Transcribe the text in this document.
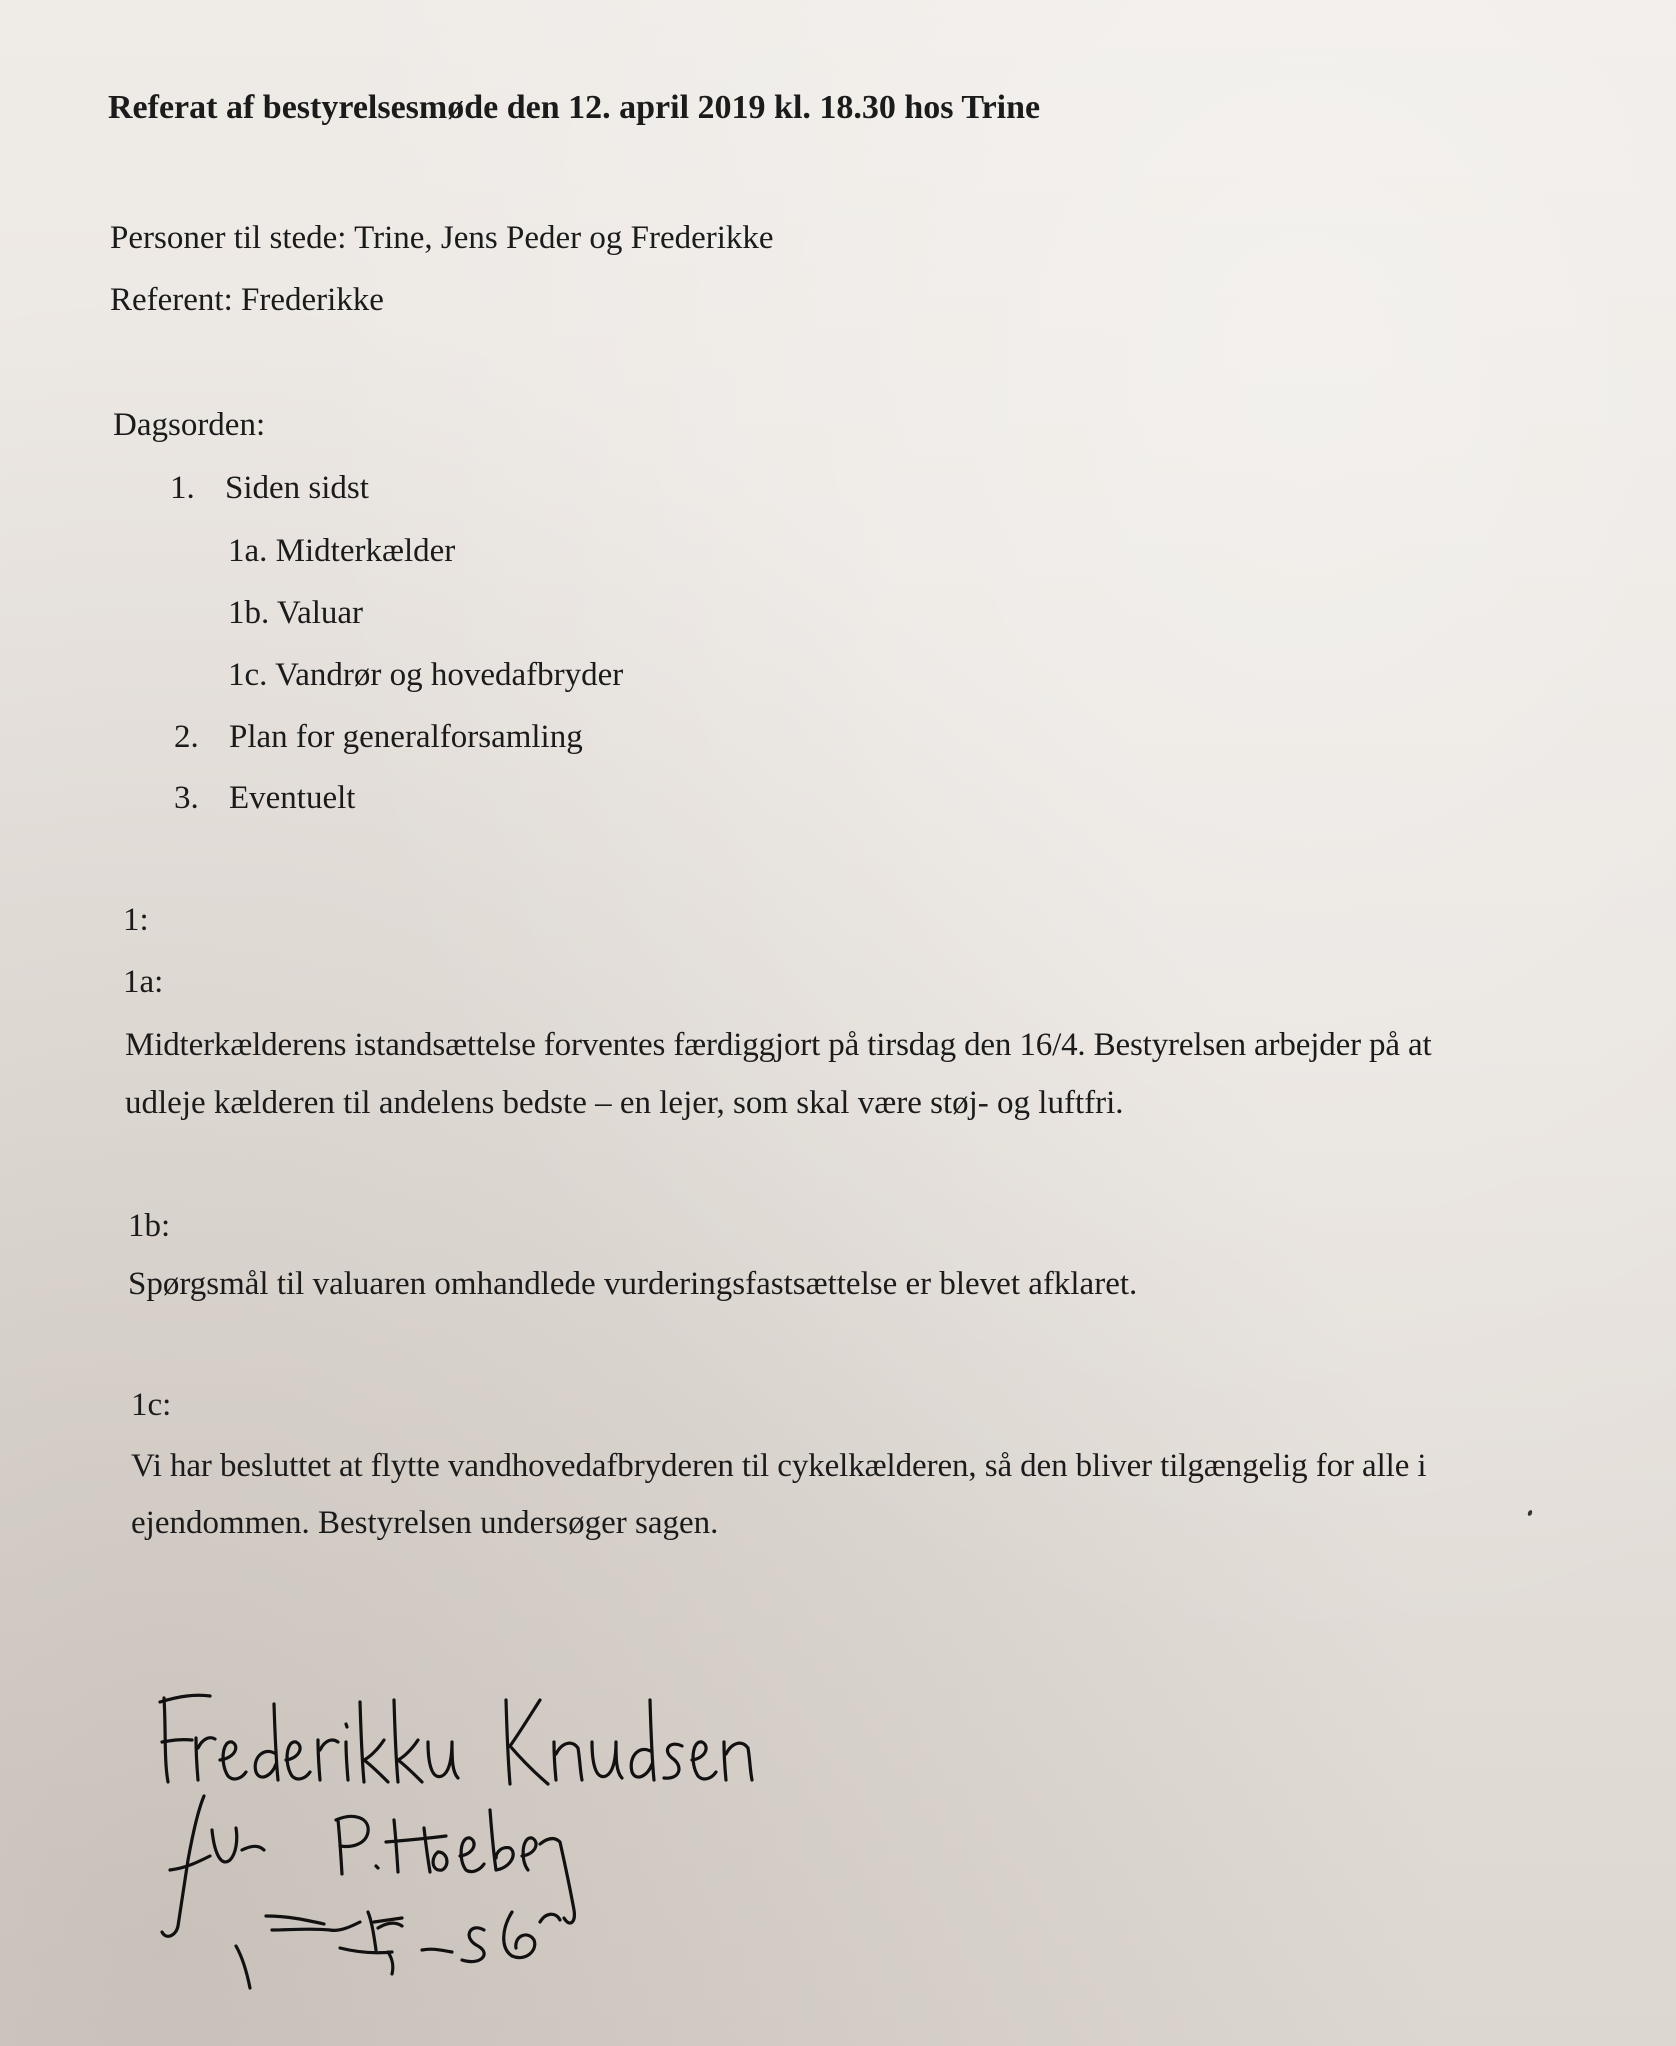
Referat af bestyrelsesmøde den 12. april 2019 kl. 18.30 hos Trine
Personer til stede: Trine, Jens Peder og Frederikke
Referent: Frederikke
Dagsorden:
1. Siden sidst
1a. Midterkælder
1b. Valuar
1c. Vandrør og hovedafbryder
2. Plan for generalforsamling
3. Eventuelt
1:
1a:
Midterkælderens istandsættelse forventes færdiggjort på tirsdag den 16/4. Bestyrelsen arbejder på at
udleje kælderen til andelens bedste – en lejer, som skal være støj- og luftfri.
1b:
Spørgsmål til valuaren omhandlede vurderingsfastsættelse er blevet afklaret.
1c:
Vi har besluttet at flytte vandhovedafbryderen til cykelkælderen, så den bliver tilgængelig for alle i
ejendommen. Bestyrelsen undersøger sagen.
